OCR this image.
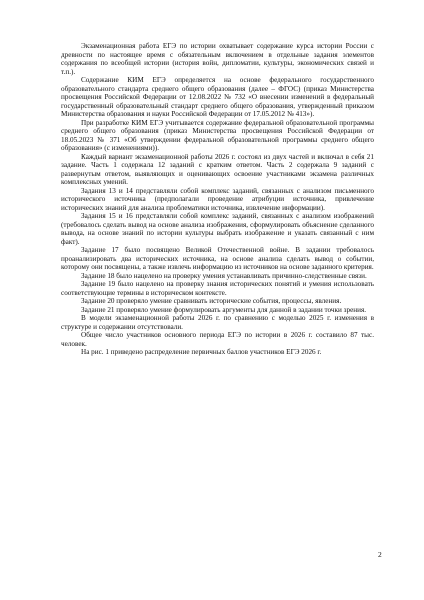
Экзаменационная работа ЕГЭ по истории охватывает содержание курса истории России с древности по настоящее время с обязательным включением в отдельные задания элементов содержания по всеобщей истории (история войн, дипломатии, культуры, экономических связей и т.п.).

Содержание КИМ ЕГЭ определяется на основе федерального государственного образовательного стандарта среднего общего образования (далее – ФГОС) (приказ Министерства просвещения Российской Федерации от 12.08.2022 № 732 «О внесении изменений в федеральный государственный образовательный стандарт среднего общего образования, утвержденный приказом Министерства образования и науки Российской Федерации от 17.05.2012 № 413»).

При разработке КИМ ЕГЭ учитывается содержание федеральной образовательной программы среднего общего образования (приказ Министерства просвещения Российской Федерации от 18.05.2023 № 371 «Об утверждении федеральной образовательной программы среднего общего образования» (с изменениями)).

Каждый вариант экзаменационной работы 2026 г. состоял из двух частей и включал в себя 21 задание. Часть 1 содержала 12 заданий с кратким ответом. Часть 2 содержала 9 заданий с развернутым ответом, выявляющих и оценивающих освоение участниками экзамена различных комплексных умений.

Задания 13 и 14 представляли собой комплекс заданий, связанных с анализом письменного исторического источника (предполагали проведение атрибуции источника, привлечение исторических знаний для анализа проблематики источника, извлечение информации).

Задания 15 и 16 представляли собой комплекс заданий, связанных с анализом изображений (требовалось сделать вывод на основе анализа изображения, сформулировать объяснение сделанного вывода, на основе знаний по истории культуры выбрать изображение и указать связанный с ним факт).

Задание 17 было посвящено Великой Отечественной войне. В задании требовалось проанализировать два исторических источника, на основе анализа сделать вывод о событии, которому они посвящены, а также извлечь информацию из источников на основе заданного критерия.

Задание 18 было нацелено на проверку умения устанавливать причинно-следственные связи.

Задание 19 было нацелено на проверку знания исторических понятий и умения использовать соответствующие термины в историческом контексте.

Задание 20 проверяло умение сравнивать исторические события, процессы, явления.

Задание 21 проверяло умение формулировать аргументы для данной в задании точки зрения.

В модели экзаменационной работы 2026 г. по сравнению с моделью 2025 г. изменения в структуре и содержании отсутствовали.

Общее число участников основного периода ЕГЭ по истории в 2026 г. составило 87 тыс. человек.

На рис. 1 приведено распределение первичных баллов участников ЕГЭ 2026 г.

2
